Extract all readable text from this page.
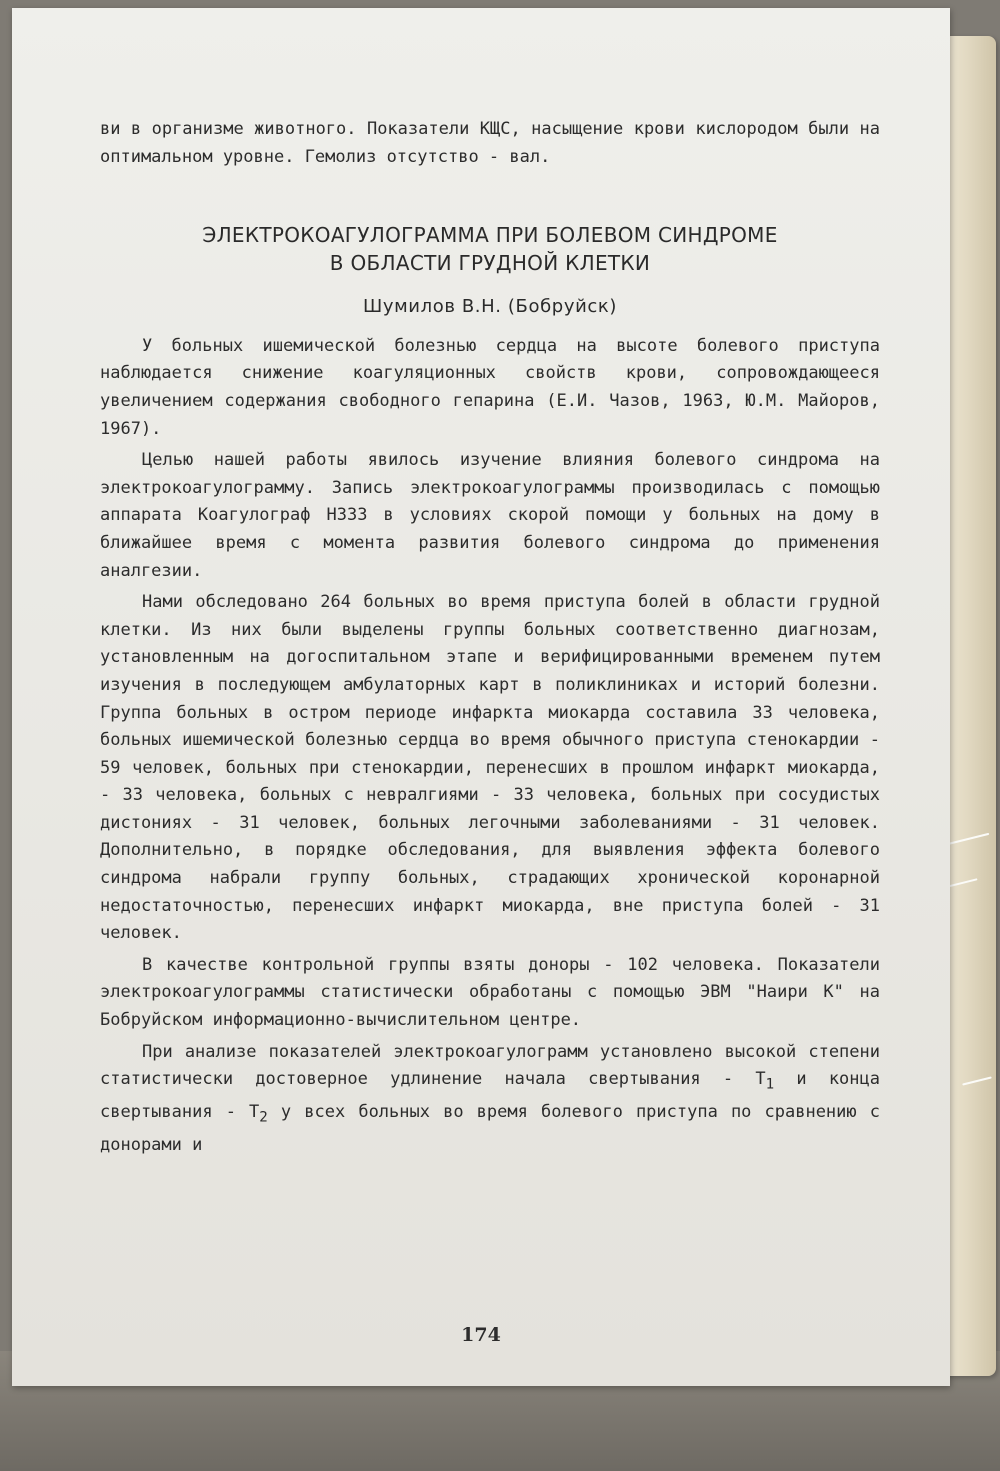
ви в организме животного. Показатели КЩС, насыщение крови кислородом были на оптимальном уровне. Гемолиз отсутство - вал.

ЭЛЕКТРОКОАГУЛОГРАММА ПРИ БОЛЕВОМ СИНДРОМЕ
В ОБЛАСТИ ГРУДНОЙ КЛЕТКИ

Шумилов В.Н. (Бобруйск)

У больных ишемической болезнью сердца на высоте болевого приступа наблюдается снижение коагуляционных свойств крови, сопровождающееся увеличением содержания свободного гепарина (Е.И. Чазов, 1963, Ю.М. Майоров, 1967).

Целью нашей работы явилось изучение влияния болевого синдрома на электрокоагулограмму. Запись электрокоагулограммы производилась с помощью аппарата Коагулограф Н333 в условиях скорой помощи у больных на дому в ближайшее время с момента развития болевого синдрома до применения аналгезии.

Нами обследовано 264 больных во время приступа болей в области грудной клетки. Из них были выделены группы больных соответственно диагнозам, установленным на догоспитальном этапе и верифицированными временем путем изучения в последующем амбулаторных карт в поликлиниках и историй болезни. Группа больных в остром периоде инфаркта миокарда составила 33 человека, больных ишемической болезнью сердца во время обычного приступа стенокардии - 59 человек, больных при стенокардии, перенесших в прошлом инфаркт миокарда, - 33 человека, больных с невралгиями - 33 человека, больных при сосудистых дистониях - 31 человек, больных легочными заболеваниями - 31 человек. Дополнительно, в порядке обследования, для выявления эффекта болевого синдрома набрали группу больных, страдающих хронической коронарной недостаточностью, перенесших инфаркт миокарда, вне приступа болей - 31 человек.

В качестве контрольной группы взяты доноры - 102 человека. Показатели электрокоагулограммы статистически обработаны с помощью ЭВМ "Наири К" на Бобруйском информационно-вычислительном центре.

При анализе показателей электрокоагулограмм установлено высокой степени статистически достоверное удлинение начала свертывания - $Т_1$ и конца свертывания - $Т_2$ у всех больных во время болевого приступа по сравнению с донорами и

174
